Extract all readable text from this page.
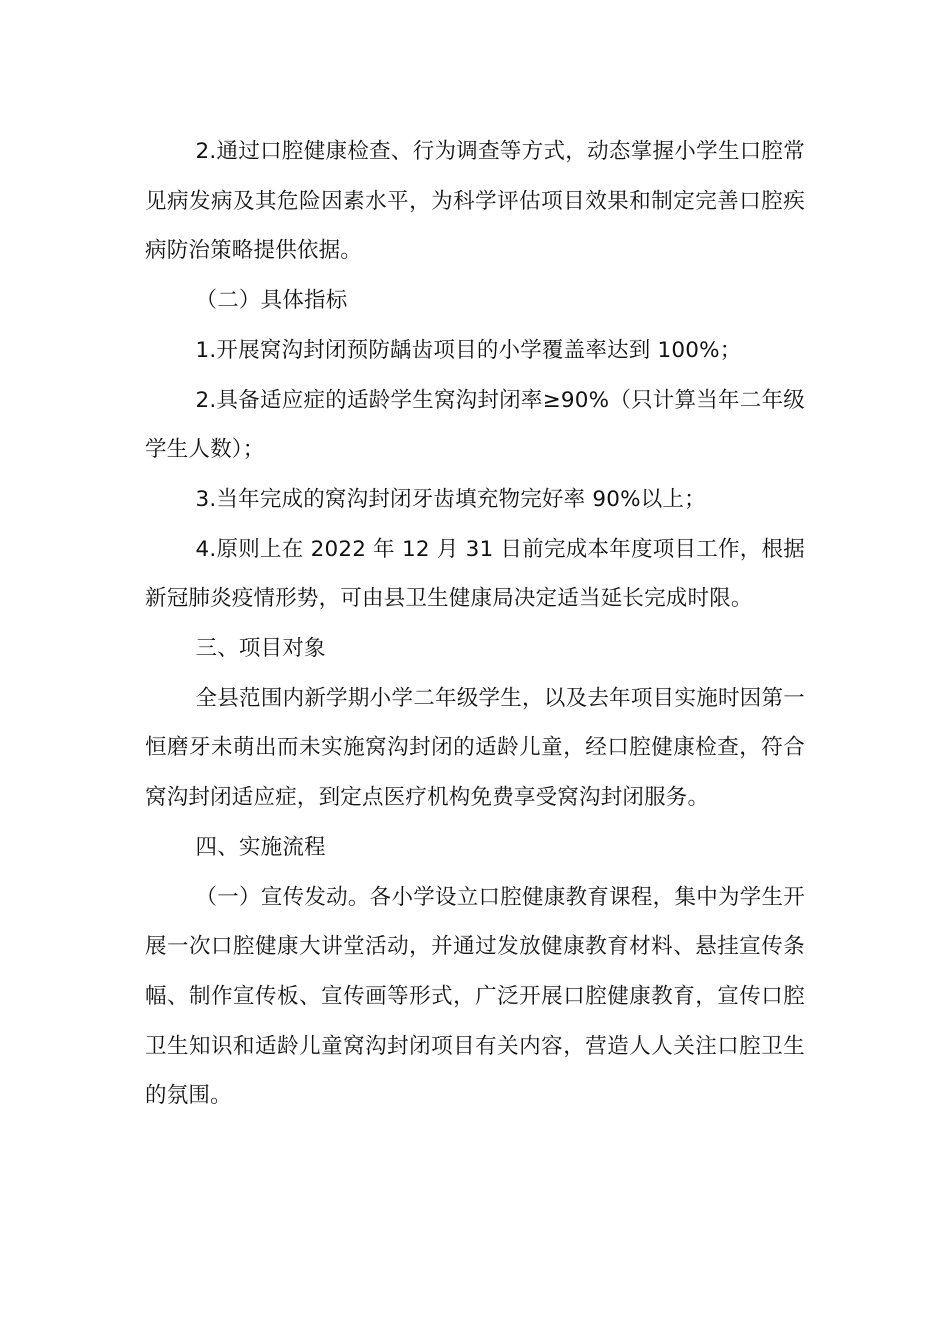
2.通过口腔健康检查、行为调查等方式，动态掌握小学生口腔常见病发病及其危险因素水平，为科学评估项目效果和制定完善口腔疾病防治策略提供依据。

（二）具体指标

1.开展窝沟封闭预防龋齿项目的小学覆盖率达到 100%；

2.具备适应症的适龄学生窝沟封闭率≥90%（只计算当年二年级学生人数）；

3.当年完成的窝沟封闭牙齿填充物完好率 90%以上；

4.原则上在 2022 年 12 月 31 日前完成本年度项目工作，根据新冠肺炎疫情形势，可由县卫生健康局决定适当延长完成时限。

三、项目对象

全县范围内新学期小学二年级学生，以及去年项目实施时因第一恒磨牙未萌出而未实施窝沟封闭的适龄儿童，经口腔健康检查，符合窝沟封闭适应症，到定点医疗机构免费享受窝沟封闭服务。

四、实施流程

（一）宣传发动。各小学设立口腔健康教育课程，集中为学生开展一次口腔健康大讲堂活动，并通过发放健康教育材料、悬挂宣传条幅、制作宣传板、宣传画等形式，广泛开展口腔健康教育，宣传口腔卫生知识和适龄儿童窝沟封闭项目有关内容，营造人人关注口腔卫生的氛围。
